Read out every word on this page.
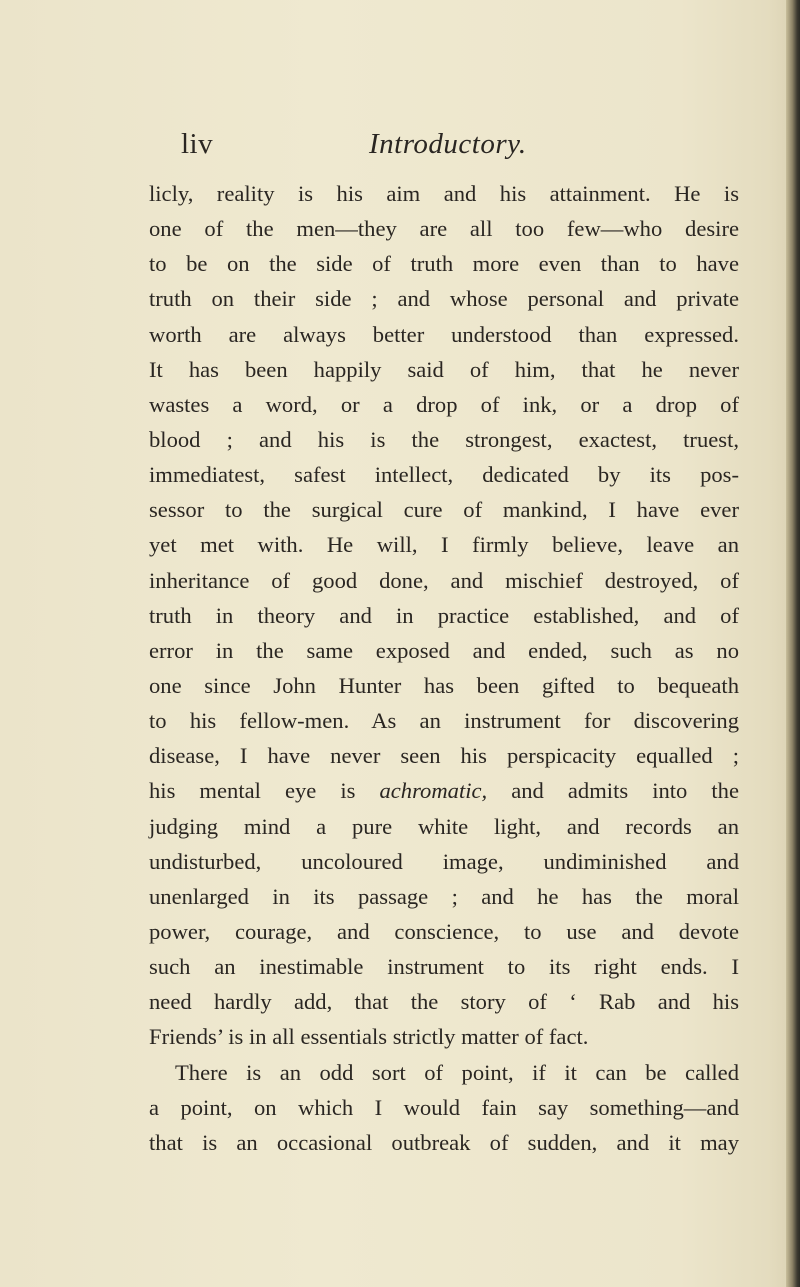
liv	Introductory.
licly, reality is his aim and his attainment. He is
one of the men—they are all too few—who desire
to be on the side of truth more even than to have
truth on their side ; and whose personal and private
worth are always better understood than expressed.
It has been happily said of him, that he never
wastes a word, or a drop of ink, or a drop of
blood ; and his is the strongest, exactest, truest,
immediatest, safest intellect, dedicated by its pos-
sessor to the surgical cure of mankind, I have ever
yet met with. He will, I firmly believe, leave an
inheritance of good done, and mischief destroyed, of
truth in theory and in practice established, and of
error in the same exposed and ended, such as no
one since John Hunter has been gifted to bequeath
to his fellow-men. As an instrument for discovering
disease, I have never seen his perspicacity equalled ;
his mental eye is achromatic, and admits into the
judging mind a pure white light, and records an
undisturbed, uncoloured image, undiminished and
unenlarged in its passage ; and he has the moral
power, courage, and conscience, to use and devote
such an inestimable instrument to its right ends. I
need hardly add, that the story of ‘ Rab and his
Friends’ is in all essentials strictly matter of fact.
There is an odd sort of point, if it can be called
a point, on which I would fain say something—and
that is an occasional outbreak of sudden, and it may
